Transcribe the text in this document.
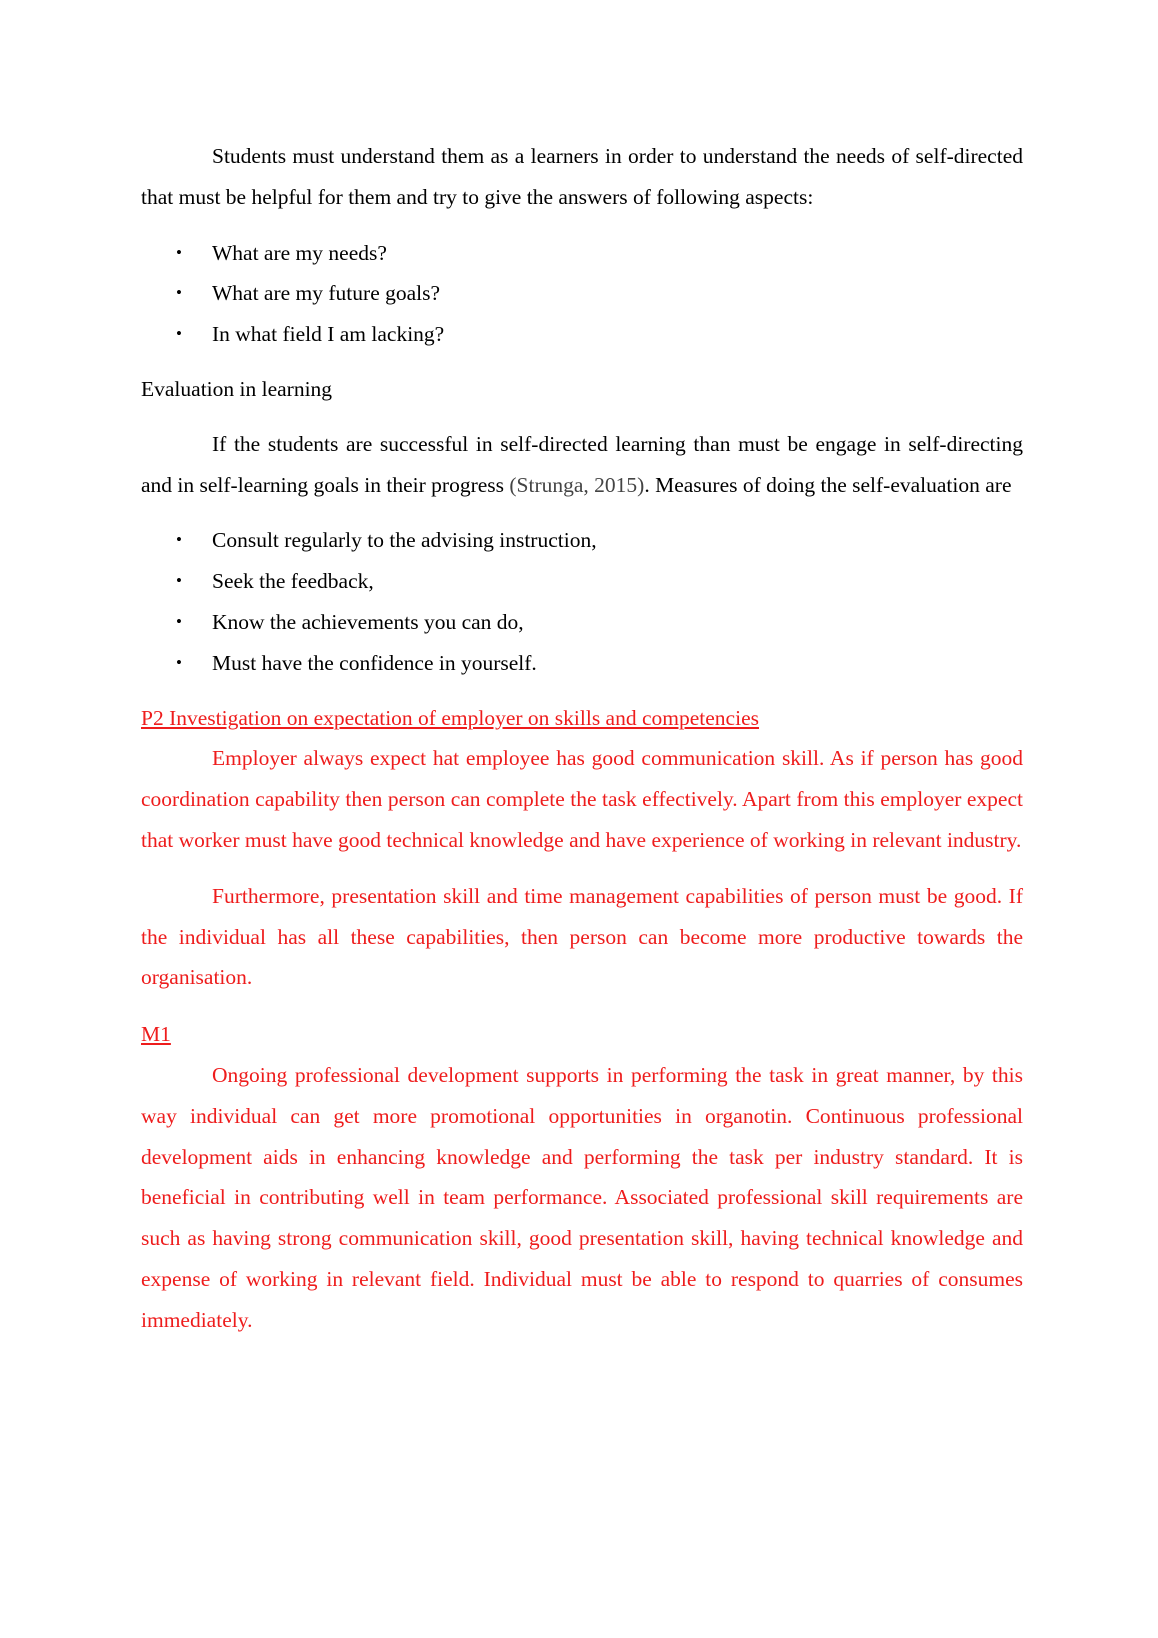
Students must understand them as a learners in order to understand the needs of self-directed that must be helpful for them and try to give the answers of following aspects:

•	What are my needs?
•	What are my future goals?
•	In what field I am lacking?

Evaluation in learning

If the students are successful in self-directed learning than must be engage in self-directing and in self-learning goals in their progress (Strunga, 2015). Measures of doing the self-evaluation are

•	Consult regularly to the advising instruction,
•	Seek the feedback,
•	Know the achievements you can do,
•	Must have the confidence in yourself.

P2 Investigation on expectation of employer on skills and competencies

Employer always expect hat employee has good communication skill. As if person has good coordination capability then person can complete the task effectively. Apart from this employer expect that worker must have good technical knowledge and have experience of working in relevant industry.

Furthermore, presentation skill and time management capabilities of person must be good. If the individual has all these capabilities, then person can become more productive towards the organisation.

M1

Ongoing professional development supports in performing the task in great manner, by this way individual can get more promotional opportunities in organotin. Continuous professional development aids in enhancing knowledge and performing the task per industry standard. It is beneficial in contributing well in team performance. Associated professional skill requirements are such as having strong communication skill, good presentation skill, having technical knowledge and expense of working in relevant field. Individual must be able to respond to quarries of consumes immediately.
